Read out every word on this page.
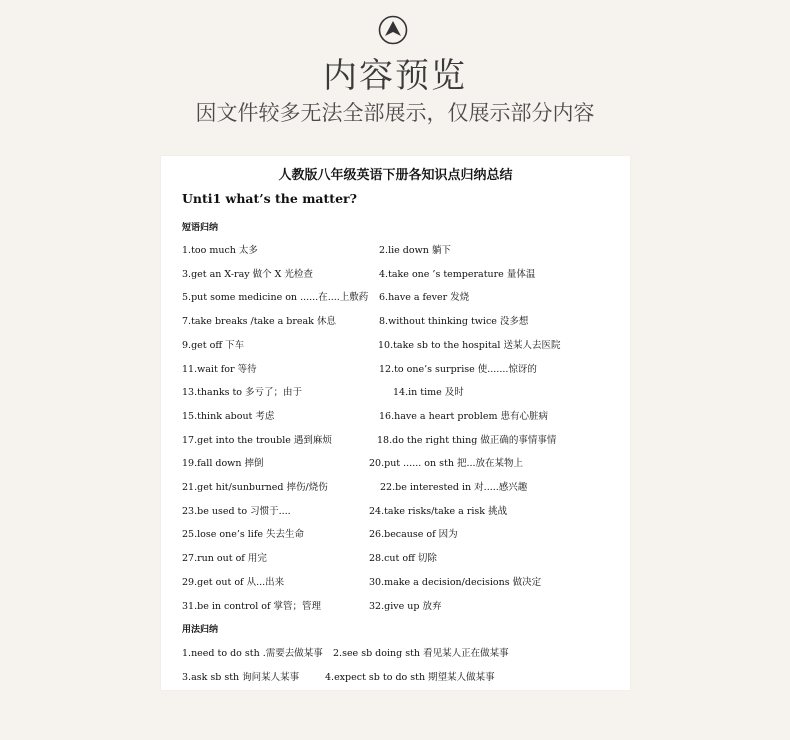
内容预览
因文件较多无法全部展示，仅展示部分内容
人教版八年级英语下册各知识点归纳总结
Unti1 what’s the matter?
短语归纳
用法归纳
1.too much 太多	2.lie down 躺下
3.get an X-ray 做个 X 光检查	4.take one ’s temperature 量体温
5.put some medicine on ......在....上敷药 6.have a fever 发烧
7.take breaks /take a break 休息	8.without thinking twice 没多想
9.get off 下车	10.take sb to the hospital 送某人去医院
11.wait for 等待	12.to one’s surprise 使.......惊讶的
13.thanks to 多亏了；由于	14.in time 及时
15.think about 考虑	16.have a heart problem 患有心脏病
17.get into the trouble 遇到麻烦	18.do the right thing 做正确的事情事情
19.fall down 摔倒	20.put ...... on sth 把...放在某物上
21.get hit/sunburned 摔伤/烧伤	22.be interested in 对.....感兴趣
23.be used to 习惯于....	24.take risks/take a risk 挑战
25.lose one’s life 失去生命	26.because of 因为
27.run out of 用完	28.cut off 切除
29.get out of 从...出来	30.make a decision/decisions 做决定
31.be in control of 掌管；管理	32.give up 放弃
1.need to do sth .需要去做某事 2.see sb doing sth 看见某人正在做某事
3.ask sb sth 询问某人某事	4.expect sb to do sth 期望某人做某事
